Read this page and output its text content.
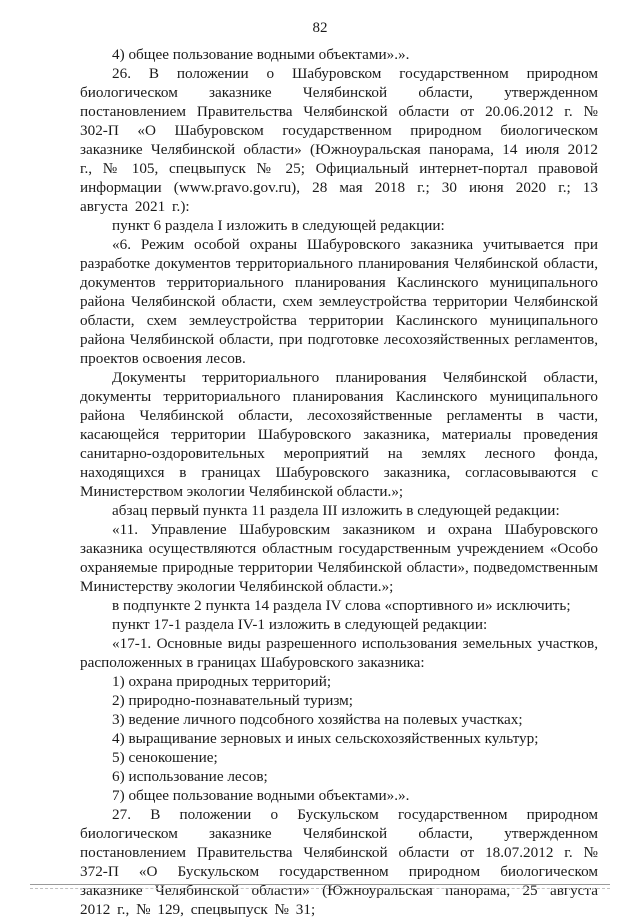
82

4) общее пользование водными объектами».».

26. В положении о Шабуровском государственном природном биологическом заказнике Челябинской области, утвержденном постановлением Правительства Челябинской области от 20.06.2012 г. № 302-П «О Шабуровском государственном природном биологическом заказнике Челябинской области» (Южноуральская панорама, 14 июля 2012 г., № 105, спецвыпуск № 25; Официальный интернет-портал правовой информации (www.pravo.gov.ru), 28 мая 2018 г.; 30 июня 2020 г.; 13 августа 2021 г.):

пункт 6 раздела I изложить в следующей редакции:

«6. Режим особой охраны Шабуровского заказника учитывается при разработке документов территориального планирования Челябинской области, документов территориального планирования Каслинского муниципального района Челябинской области, схем землеустройства территории Челябинской области, схем землеустройства территории Каслинского муниципального района Челябинской области, при подготовке лесохозяйственных регламентов, проектов освоения лесов.

Документы территориального планирования Челябинской области, документы территориального планирования Каслинского муниципального района Челябинской области, лесохозяйственные регламенты в части, касающейся территории Шабуровского заказника, материалы проведения санитарно-оздоровительных мероприятий на землях лесного фонда, находящихся в границах Шабуровского заказника, согласовываются с Министерством экологии Челябинской области.»;

абзац первый пункта 11 раздела III изложить в следующей редакции:

«11. Управление Шабуровским заказником и охрана Шабуровского заказника осуществляются областным государственным учреждением «Особо охраняемые природные территории Челябинской области», подведомственным Министерству экологии Челябинской области.»;

в подпункте 2 пункта 14 раздела IV слова «спортивного и» исключить;

пункт 17-1 раздела IV-1 изложить в следующей редакции:

«17-1. Основные виды разрешенного использования земельных участков, расположенных в границах Шабуровского заказника:

1) охрана природных территорий;

2) природно-познавательный туризм;

3) ведение личного подсобного хозяйства на полевых участках;

4) выращивание зерновых и иных сельскохозяйственных культур;

5) сенокошение;

6) использование лесов;

7) общее пользование водными объектами».».

27. В положении о Бускульском государственном природном биологическом заказнике Челябинской области, утвержденном постановлением Правительства Челябинской области от 18.07.2012 г. № 372-П «О Бускульском государственном природном биологическом заказнике Челябинской области» (Южноуральская панорама, 25 августа 2012 г., № 129, спецвыпуск № 31;
